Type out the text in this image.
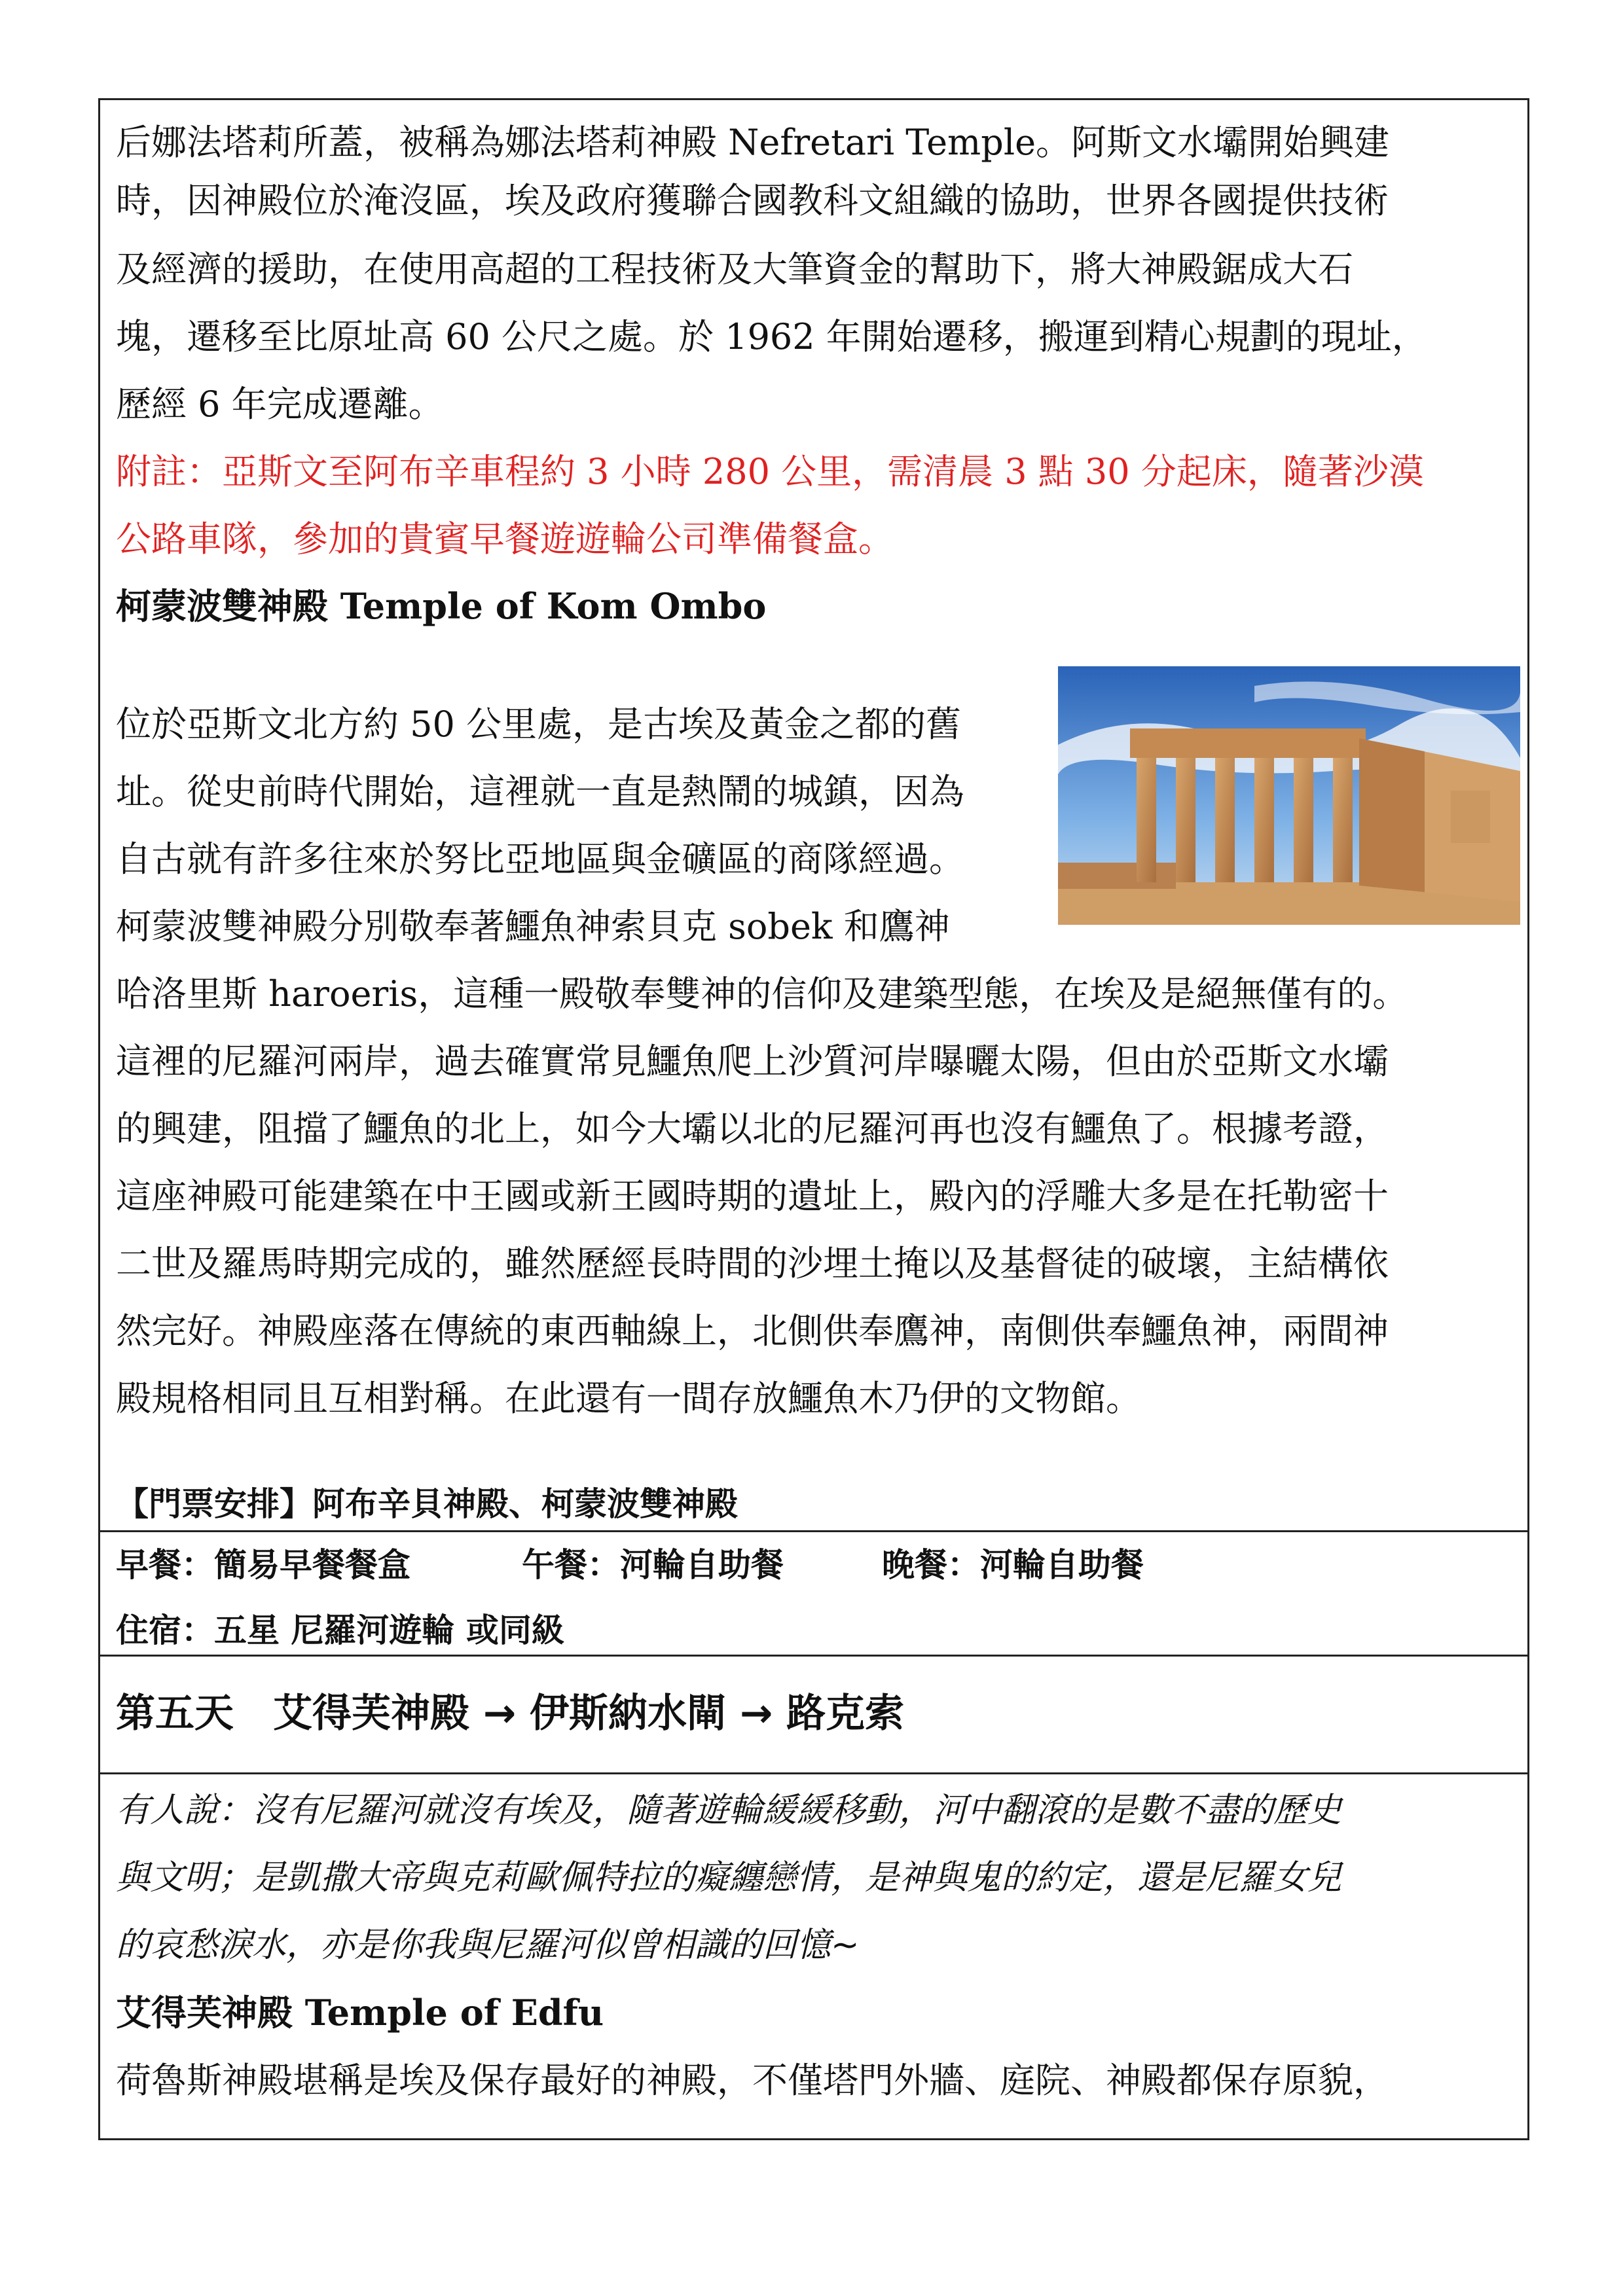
后娜法塔莉所蓋，被稱為娜法塔莉神殿 Nefretari Temple。阿斯文水壩開始興建
時，因神殿位於淹沒區，埃及政府獲聯合國教科文組織的協助，世界各國提供技術
及經濟的援助，在使用高超的工程技術及大筆資金的幫助下，將大神殿鋸成大石
塊，遷移至比原址高 60 公尺之處。於 1962 年開始遷移，搬運到精心規劃的現址，
歷經 6 年完成遷離。
附註：亞斯文至阿布辛車程約 3 小時 280 公里，需清晨 3 點 30 分起床，隨著沙漠
公路車隊，參加的貴賓早餐遊遊輪公司準備餐盒。
柯蒙波雙神殿 Temple of Kom Ombo
位於亞斯文北方約 50 公里處，是古埃及黃金之都的舊
址。從史前時代開始，這裡就一直是熱鬧的城鎮，因為
自古就有許多往來於努比亞地區與金礦區的商隊經過。
柯蒙波雙神殿分別敬奉著鱷魚神索貝克 sobek 和鷹神
哈洛里斯 haroeris，這種一殿敬奉雙神的信仰及建築型態，在埃及是絕無僅有的。
這裡的尼羅河兩岸，過去確實常見鱷魚爬上沙質河岸曝曬太陽，但由於亞斯文水壩
的興建，阻擋了鱷魚的北上，如今大壩以北的尼羅河再也沒有鱷魚了。根據考證，
這座神殿可能建築在中王國或新王國時期的遺址上，殿內的浮雕大多是在托勒密十
二世及羅馬時期完成的，雖然歷經長時間的沙埋土掩以及基督徒的破壞，主結構依
然完好。神殿座落在傳統的東西軸線上，北側供奉鷹神，南側供奉鱷魚神，兩間神
殿規格相同且互相對稱。在此還有一間存放鱷魚木乃伊的文物館。
【門票安排】阿布辛貝神殿、柯蒙波雙神殿
早餐：簡易早餐餐盒	午餐：河輪自助餐	晚餐：河輪自助餐
住宿：五星 尼羅河遊輪 或同級
第五天　艾得芙神殿 → 伊斯納水閘 → 路克索
有人說：沒有尼羅河就沒有埃及，隨著遊輪緩緩移動，河中翻滾的是數不盡的歷史
與文明；是凱撒大帝與克莉歐佩特拉的癡纏戀情，是神與鬼的約定，還是尼羅女兒
的哀愁淚水，亦是你我與尼羅河似曾相識的回憶~
艾得芙神殿 Temple of Edfu
荷魯斯神殿堪稱是埃及保存最好的神殿，不僅塔門外牆、庭院、神殿都保存原貌，
